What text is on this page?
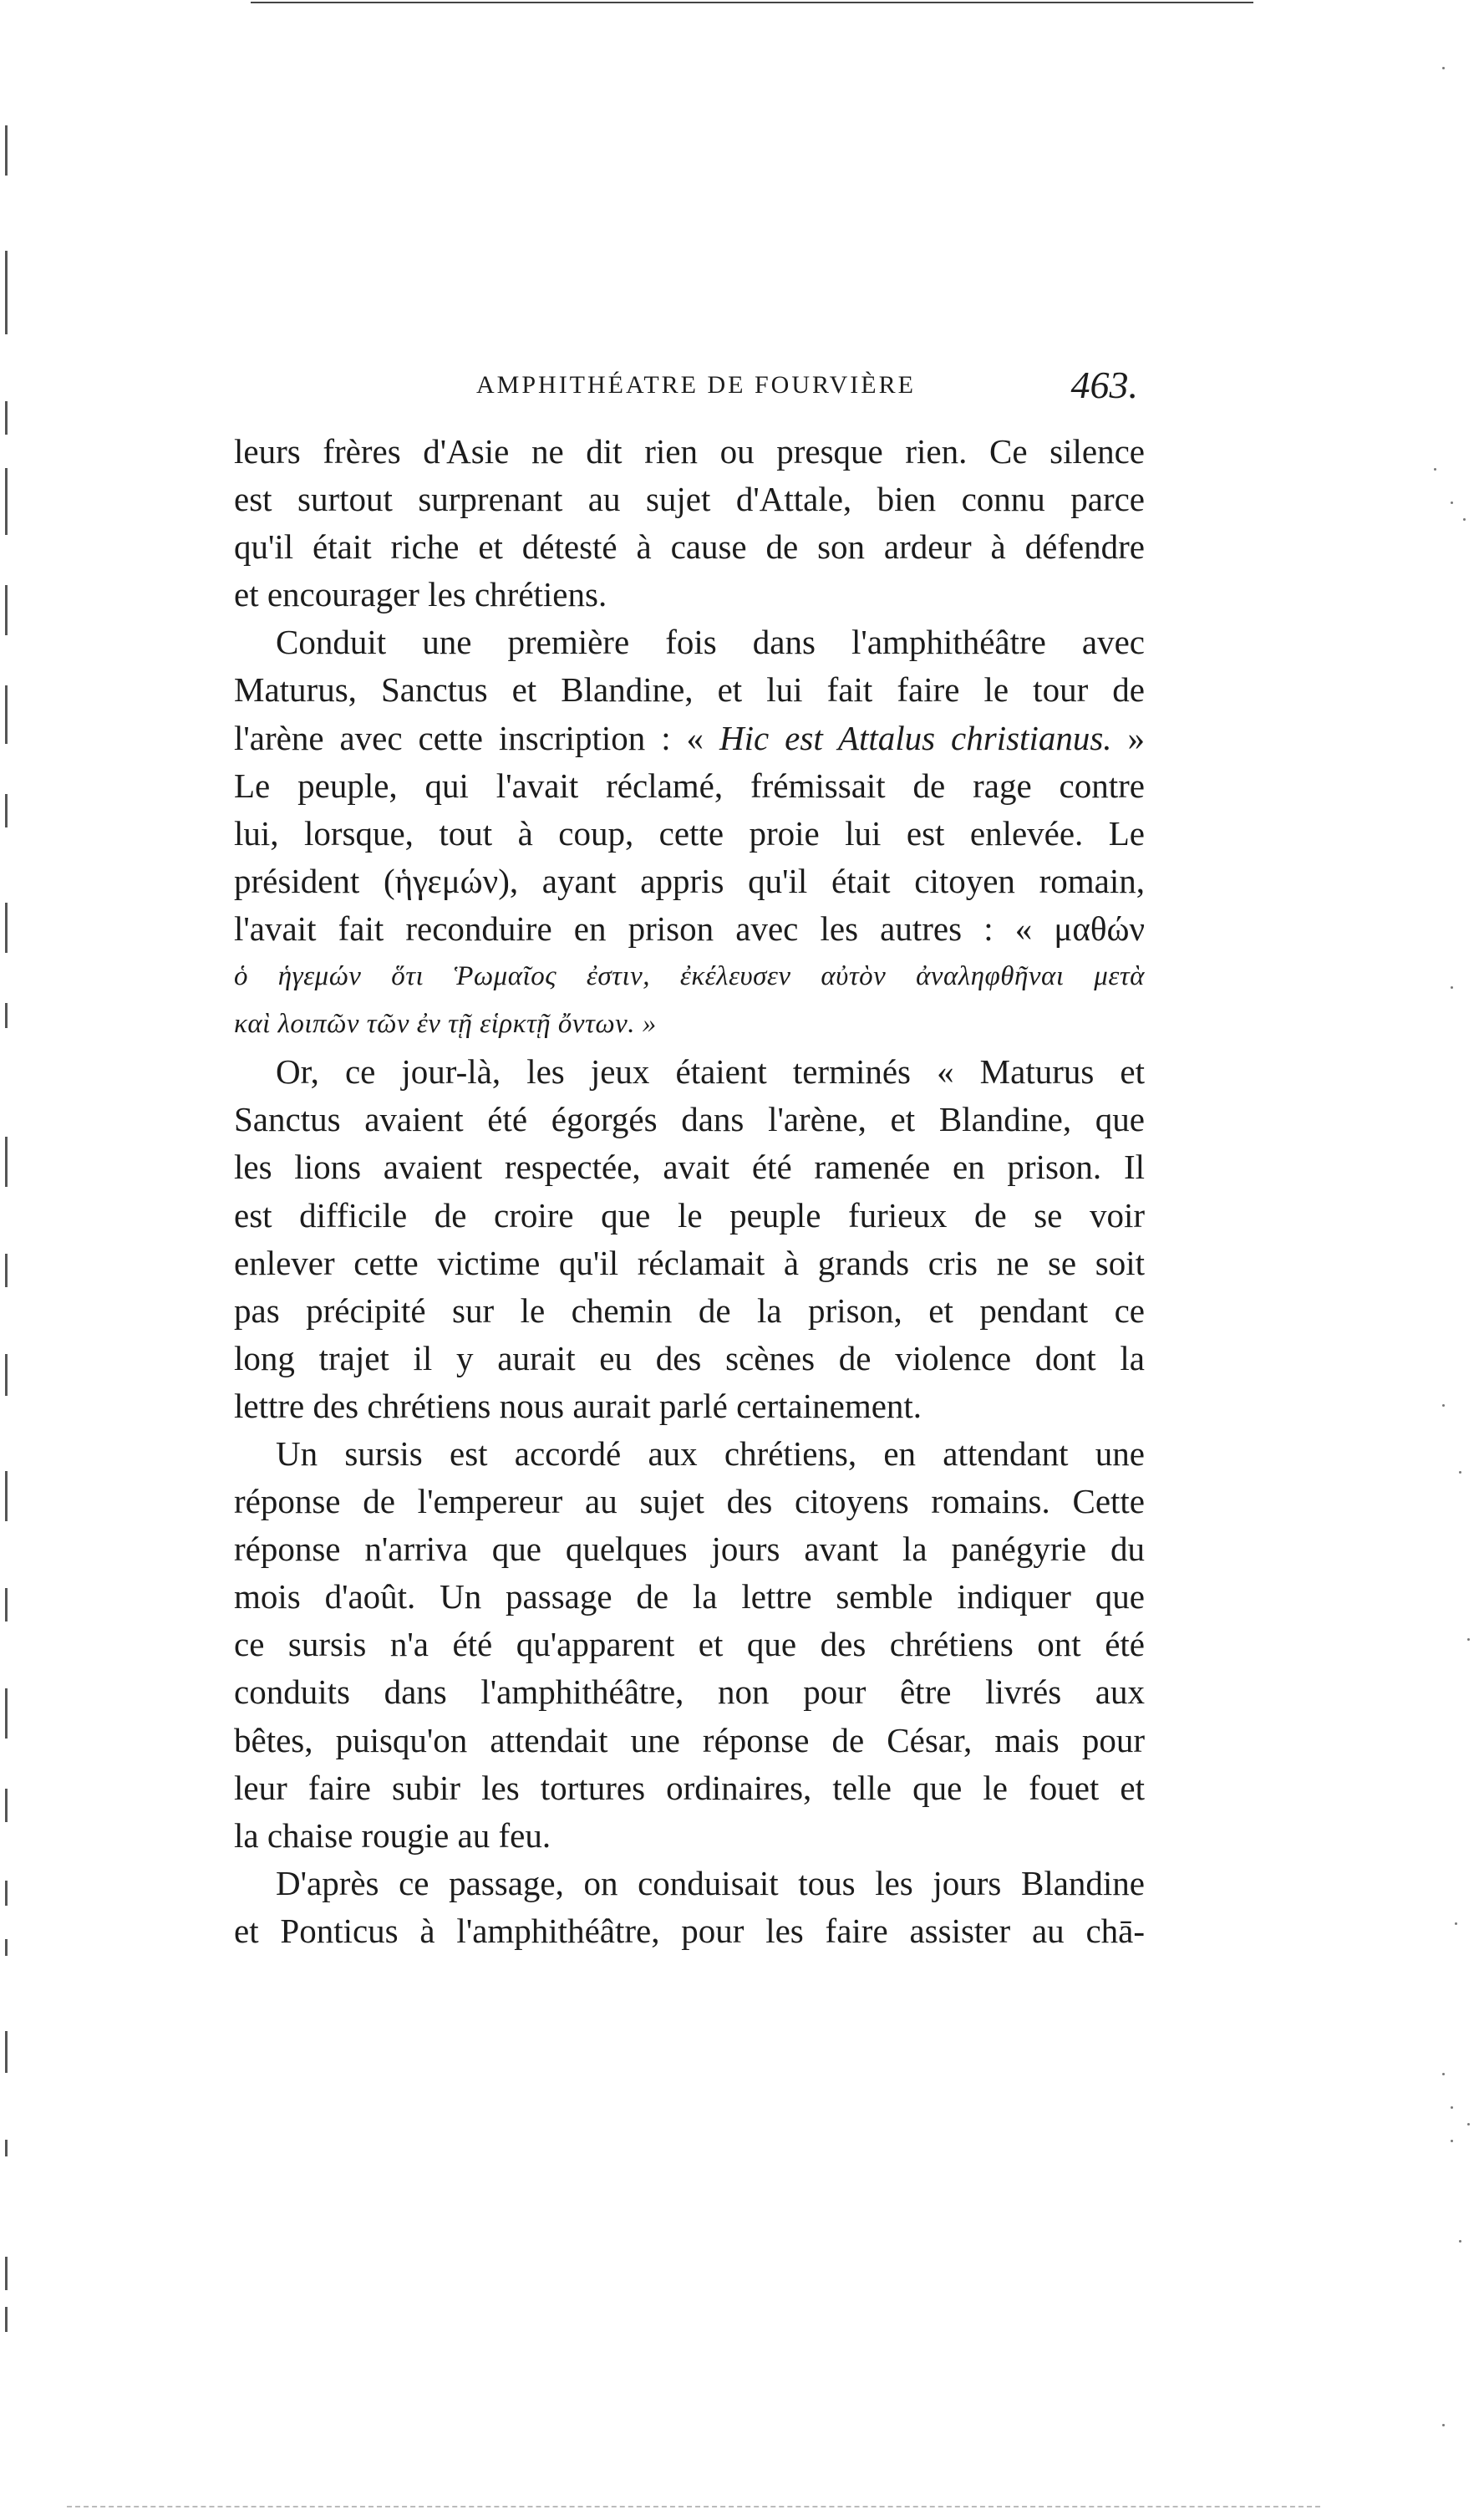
AMPHITHÉATRE DE FOURVIÈRE	463.
leurs frères d'Asie ne dit rien ou presque rien. Ce silence
est surtout surprenant au sujet d'Attale, bien connu parce
qu'il était riche et détesté à cause de son ardeur à défendre
et encourager les chrétiens.
Conduit une première fois dans l'amphithéâtre avec
Maturus, Sanctus et Blandine, et lui fait faire le tour de
l'arène avec cette inscription : « Hic est Attalus christianus. »
Le peuple, qui l'avait réclamé, frémissait de rage contre
lui, lorsque, tout à coup, cette proie lui est enlevée. Le
président (ἡγεμών), ayant appris qu'il était citoyen romain,
l'avait fait reconduire en prison avec les autres : « μαθών
ὁ ἡγεμών ὅτι Ῥωμαῖος ἐστιν, ἐκέλευσεν αὐτὸν ἀναληφθῆναι μετὰ
καὶ λοιπῶν τῶν ἐν τῇ εἱρκτῇ ὄντων. »
Or, ce jour-là, les jeux étaient terminés « Maturus et
Sanctus avaient été égorgés dans l'arène, et Blandine, que
les lions avaient respectée, avait été ramenée en prison. Il
est difficile de croire que le peuple furieux de se voir
enlever cette victime qu'il réclamait à grands cris ne se soit
pas précipité sur le chemin de la prison, et pendant ce
long trajet il y aurait eu des scènes de violence dont la
lettre des chrétiens nous aurait parlé certainement.
Un sursis est accordé aux chrétiens, en attendant une
réponse de l'empereur au sujet des citoyens romains. Cette
réponse n'arriva que quelques jours avant la panégyrie du
mois d'août. Un passage de la lettre semble indiquer que
ce sursis n'a été qu'apparent et que des chrétiens ont été
conduits dans l'amphithéâtre, non pour être livrés aux
bêtes, puisqu'on attendait une réponse de César, mais pour
leur faire subir les tortures ordinaires, telle que le fouet et
la chaise rougie au feu.
D'après ce passage, on conduisait tous les jours Blandine
et Ponticus à l'amphithéâtre, pour les faire assister au chā-
